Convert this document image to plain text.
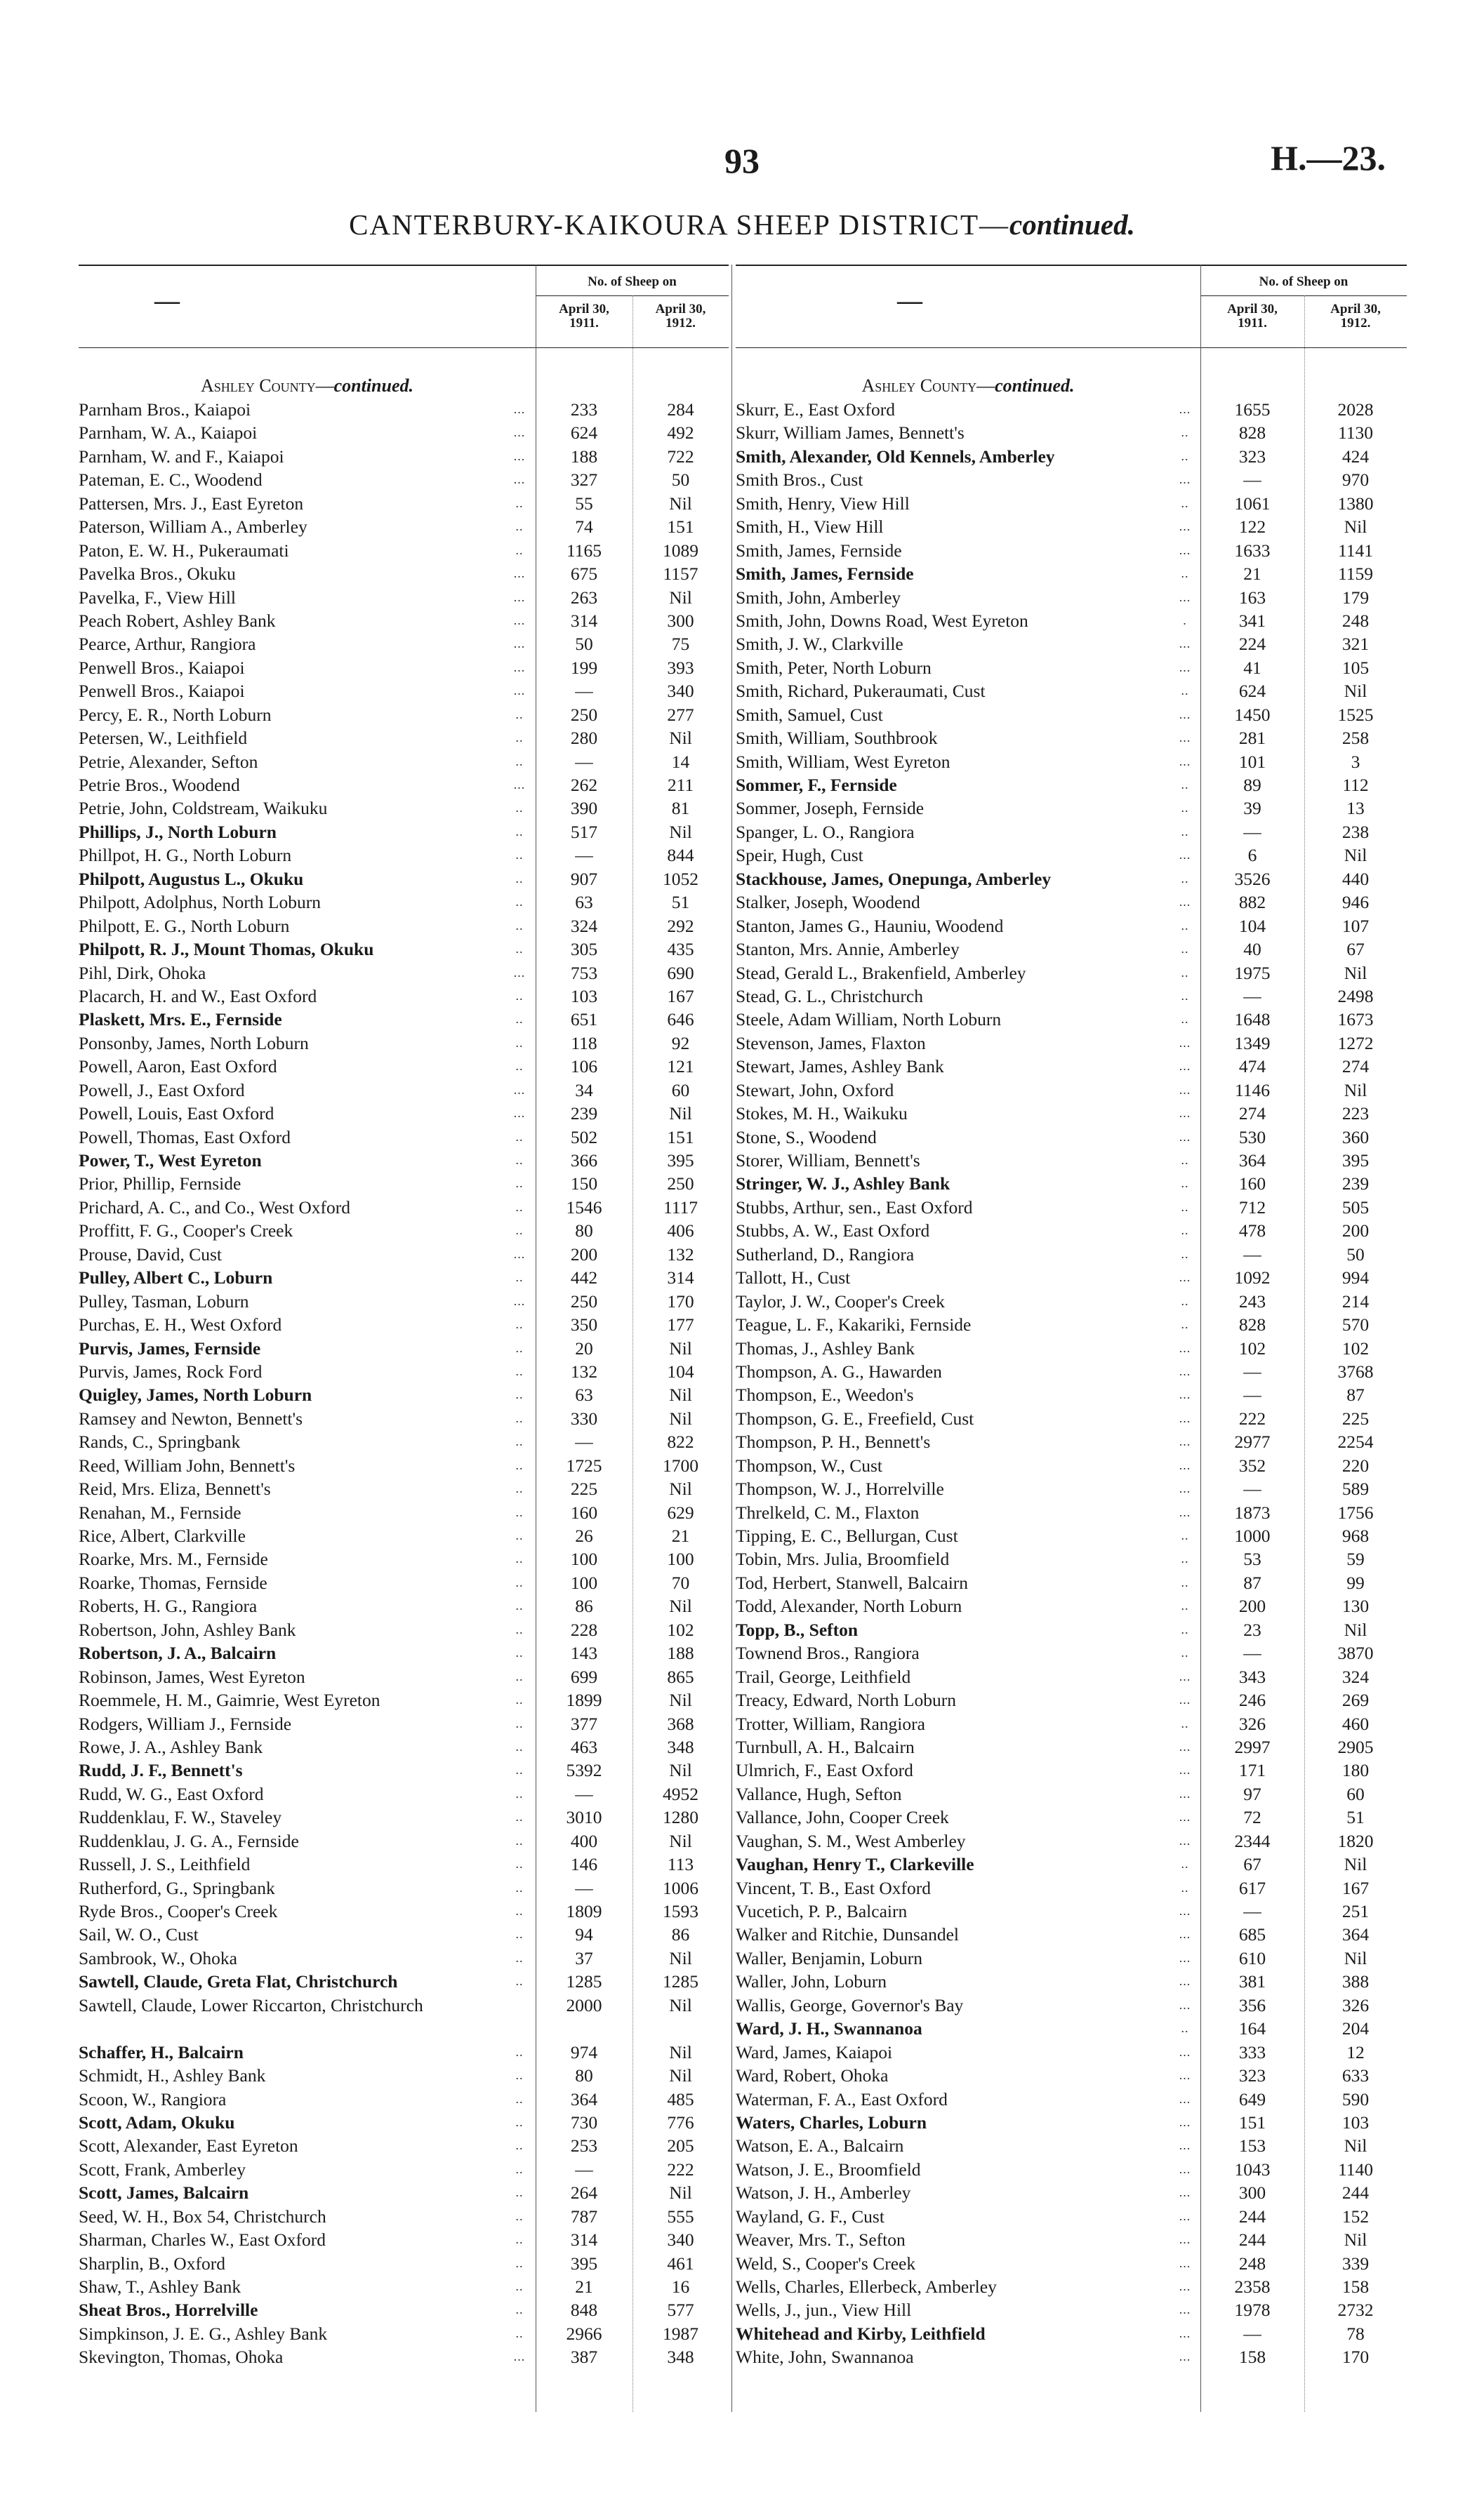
93	H.—23.
CANTERBURY-KAIKOURA SHEEP DISTRICT—continued.
—
No. of Sheep on
April 30,
1911.
April 30,
1912.
Ashley County—continued.
Parnham Bros., Kaiapoi	...	233	284
Parnham, W. A., Kaiapoi	...	624	492
Parnham, W. and F., Kaiapoi	...	188	722
Pateman, E. C., Woodend	...	327	50
Pattersen, Mrs. J., East Eyreton	..	55	Nil
Paterson, William A., Amberley	..	74	151
Paton, E. W. H., Pukeraumati	..	1165	1089
Pavelka Bros., Okuku	...	675	1157
Pavelka, F., View Hill	...	263	Nil
Peach Robert, Ashley Bank	...	314	300
Pearce, Arthur, Rangiora	...	50	75
Penwell Bros., Kaiapoi	...	199	393
Penwell Bros., Kaiapoi	...	—	340
Percy, E. R., North Loburn	..	250	277
Petersen, W., Leithfield	..	280	Nil
Petrie, Alexander, Sefton	..	—	14
Petrie Bros., Woodend	...	262	211
Petrie, John, Coldstream, Waikuku	..	390	81
Phillips, J., North Loburn	..	517	Nil
Phillpot, H. G., North Loburn	..	—	844
Philpott, Augustus L., Okuku	..	907	1052
Philpott, Adolphus, North Loburn	..	63	51
Philpott, E. G., North Loburn	..	324	292
Philpott, R. J., Mount Thomas, Okuku	..	305	435
Pihl, Dirk, Ohoka	...	753	690
Placarch, H. and W., East Oxford	..	103	167
Plaskett, Mrs. E., Fernside	..	651	646
Ponsonby, James, North Loburn	..	118	92
Powell, Aaron, East Oxford	..	106	121
Powell, J., East Oxford	...	34	60
Powell, Louis, East Oxford	...	239	Nil
Powell, Thomas, East Oxford	..	502	151
Power, T., West Eyreton	..	366	395
Prior, Phillip, Fernside	..	150	250
Prichard, A. C., and Co., West Oxford	..	1546	1117
Proffitt, F. G., Cooper's Creek	..	80	406
Prouse, David, Cust	...	200	132
Pulley, Albert C., Loburn	..	442	314
Pulley, Tasman, Loburn	...	250	170
Purchas, E. H., West Oxford	..	350	177
Purvis, James, Fernside	..	20	Nil
Purvis, James, Rock Ford	..	132	104
Quigley, James, North Loburn	..	63	Nil
Ramsey and Newton, Bennett's	..	330	Nil
Rands, C., Springbank	..	—	822
Reed, William John, Bennett's	..	1725	1700
Reid, Mrs. Eliza, Bennett's	..	225	Nil
Renahan, M., Fernside	..	160	629
Rice, Albert, Clarkville	..	26	21
Roarke, Mrs. M., Fernside	..	100	100
Roarke, Thomas, Fernside	..	100	70
Roberts, H. G., Rangiora	..	86	Nil
Robertson, John, Ashley Bank	..	228	102
Robertson, J. A., Balcairn	..	143	188
Robinson, James, West Eyreton	..	699	865
Roemmele, H. M., Gaimrie, West Eyreton	..	1899	Nil
Rodgers, William J., Fernside	..	377	368
Rowe, J. A., Ashley Bank	..	463	348
Rudd, J. F., Bennett's	..	5392	Nil
Rudd, W. G., East Oxford	..	—	4952
Ruddenklau, F. W., Staveley	..	3010	1280
Ruddenklau, J. G. A., Fernside	..	400	Nil
Russell, J. S., Leithfield	..	146	113
Rutherford, G., Springbank	..	—	1006
Ryde Bros., Cooper's Creek	..	1809	1593
Sail, W. O., Cust	..	94	86
Sambrook, W., Ohoka	..	37	Nil
Sawtell, Claude, Greta Flat, Christchurch	..	1285	1285
Sawtell, Claude, Lower Riccarton, Christchurch	2000	Nil
Schaffer, H., Balcairn	..	974	Nil
Schmidt, H., Ashley Bank	..	80	Nil
Scoon, W., Rangiora	..	364	485
Scott, Adam, Okuku	..	730	776
Scott, Alexander, East Eyreton	..	253	205
Scott, Frank, Amberley	..	—	222
Scott, James, Balcairn	..	264	Nil
Seed, W. H., Box 54, Christchurch	..	787	555
Sharman, Charles W., East Oxford	..	314	340
Sharplin, B., Oxford	..	395	461
Shaw, T., Ashley Bank	..	21	16
Sheat Bros., Horrelville	..	848	577
Simpkinson, J. E. G., Ashley Bank	..	2966	1987
Skevington, Thomas, Ohoka	...	387	348
—
No. of Sheep on
April 30,
1911.
April 30,
1912.
Ashley County—continued.
Skurr, E., East Oxford	...	1655	2028
Skurr, William James, Bennett's	..	828	1130
Smith, Alexander, Old Kennels, Amberley	..	323	424
Smith Bros., Cust	...	—	970
Smith, Henry, View Hill	..	1061	1380
Smith, H., View Hill	...	122	Nil
Smith, James, Fernside	...	1633	1141
Smith, James, Fernside	..	21	1159
Smith, John, Amberley	...	163	179
Smith, John, Downs Road, West Eyreton	.	341	248
Smith, J. W., Clarkville	...	224	321
Smith, Peter, North Loburn	...	41	105
Smith, Richard, Pukeraumati, Cust	..	624	Nil
Smith, Samuel, Cust	...	1450	1525
Smith, William, Southbrook	...	281	258
Smith, William, West Eyreton	...	101	3
Sommer, F., Fernside	..	89	112
Sommer, Joseph, Fernside	..	39	13
Spanger, L. O., Rangiora	..	—	238
Speir, Hugh, Cust	...	6	Nil
Stackhouse, James, Onepunga, Amberley	..	3526	440
Stalker, Joseph, Woodend	...	882	946
Stanton, James G., Hauniu, Woodend	..	104	107
Stanton, Mrs. Annie, Amberley	..	40	67
Stead, Gerald L., Brakenfield, Amberley	..	1975	Nil
Stead, G. L., Christchurch	..	—	2498
Steele, Adam William, North Loburn	..	1648	1673
Stevenson, James, Flaxton	...	1349	1272
Stewart, James, Ashley Bank	...	474	274
Stewart, John, Oxford	...	1146	Nil
Stokes, M. H., Waikuku	...	274	223
Stone, S., Woodend	...	530	360
Storer, William, Bennett's	..	364	395
Stringer, W. J., Ashley Bank	..	160	239
Stubbs, Arthur, sen., East Oxford	..	712	505
Stubbs, A. W., East Oxford	..	478	200
Sutherland, D., Rangiora	..	—	50
Tallott, H., Cust	...	1092	994
Taylor, J. W., Cooper's Creek	..	243	214
Teague, L. F., Kakariki, Fernside	..	828	570
Thomas, J., Ashley Bank	...	102	102
Thompson, A. G., Hawarden	...	—	3768
Thompson, E., Weedon's	...	—	87
Thompson, G. E., Freefield, Cust	...	222	225
Thompson, P. H., Bennett's	...	2977	2254
Thompson, W., Cust	...	352	220
Thompson, W. J., Horrelville	...	—	589
Threlkeld, C. M., Flaxton	...	1873	1756
Tipping, E. C., Bellurgan, Cust	..	1000	968
Tobin, Mrs. Julia, Broomfield	..	53	59
Tod, Herbert, Stanwell, Balcairn	..	87	99
Todd, Alexander, North Loburn	..	200	130
Topp, B., Sefton	..	23	Nil
Townend Bros., Rangiora	..	—	3870
Trail, George, Leithfield	...	343	324
Treacy, Edward, North Loburn	...	246	269
Trotter, William, Rangiora	..	326	460
Turnbull, A. H., Balcairn	...	2997	2905
Ulmrich, F., East Oxford	...	171	180
Vallance, Hugh, Sefton	...	97	60
Vallance, John, Cooper Creek	...	72	51
Vaughan, S. M., West Amberley	...	2344	1820
Vaughan, Henry T., Clarkeville	..	67	Nil
Vincent, T. B., East Oxford	..	617	167
Vucetich, P. P., Balcairn	...	—	251
Walker and Ritchie, Dunsandel	...	685	364
Waller, Benjamin, Loburn	...	610	Nil
Waller, John, Loburn	...	381	388
Wallis, George, Governor's Bay	...	356	326
Ward, J. H., Swannanoa	..	164	204
Ward, James, Kaiapoi	...	333	12
Ward, Robert, Ohoka	...	323	633
Waterman, F. A., East Oxford	...	649	590
Waters, Charles, Loburn	...	151	103
Watson, E. A., Balcairn	...	153	Nil
Watson, J. E., Broomfield	...	1043	1140
Watson, J. H., Amberley	...	300	244
Wayland, G. F., Cust	...	244	152
Weaver, Mrs. T., Sefton	...	244	Nil
Weld, S., Cooper's Creek	...	248	339
Wells, Charles, Ellerbeck, Amberley	...	2358	158
Wells, J., jun., View Hill	...	1978	2732
Whitehead and Kirby, Leithfield	...	—	78
White, John, Swannanoa	...	158	170
